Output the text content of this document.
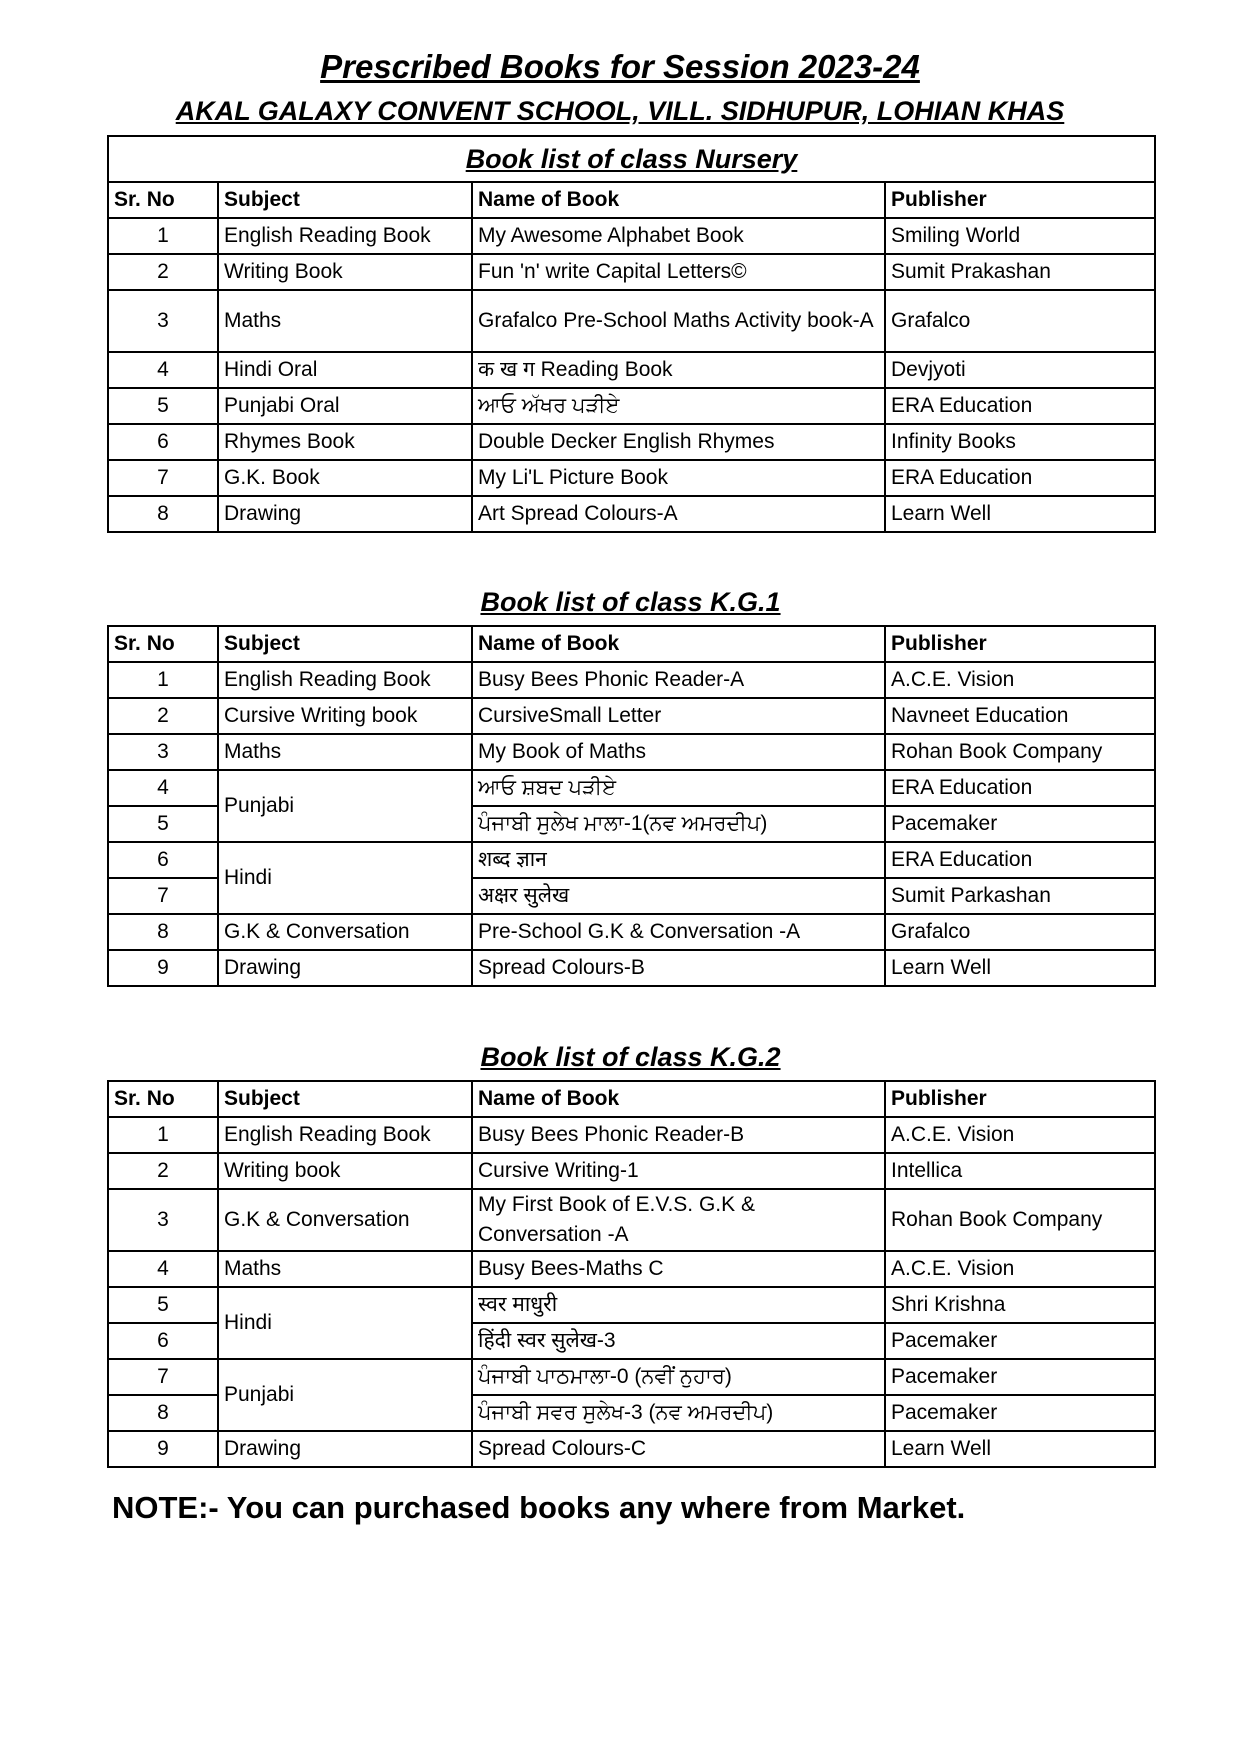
Prescribed Books for Session 2023-24
AKAL GALAXY CONVENT SCHOOL, VILL. SIDHUPUR, LOHIAN KHAS
Book list of class Nursery			
Sr. No	Subject	Name of Book	Publisher
1	English Reading Book	My Awesome Alphabet Book	Smiling World
2	Writing Book	Fun 'n' write Capital Letters©	Sumit Prakashan
3	Maths	Grafalco Pre-School Maths Activity book-A	Grafalco
4	Hindi Oral	क ख ग Reading Book	Devjyoti
5	Punjabi Oral	ਆਓ ਅੱਖਰ ਪੜੀਏ	ERA Education
6	Rhymes Book	Double Decker English Rhymes	Infinity Books
7	G.K. Book	My Li'L Picture Book	ERA Education
8	Drawing	Art Spread Colours-A	Learn Well
Book list of class K.G.1
Sr. No	Subject	Name of Book	Publisher
1	English Reading Book	Busy Bees Phonic Reader-A	A.C.E. Vision
2	Cursive Writing book	CursiveSmall Letter	Navneet Education
3	Maths	My Book of Maths	Rohan Book Company
4	Punjabi	ਆਓ ਸ਼ਬਦ ਪੜੀਏ	ERA Education
5		ਪੰਜਾਬੀ ਸੁਲੇਖ ਮਾਲਾ-1(ਨਵ ਅਮਰਦੀਪ)	Pacemaker
6	Hindi	शब्द ज्ञान	ERA Education
7		अक्षर सुलेख	Sumit Parkashan
8	G.K & Conversation	Pre-School G.K & Conversation -A	Grafalco
9	Drawing	Spread Colours-B	Learn Well
Book list of class K.G.2
Sr. No	Subject	Name of Book	Publisher
1	English Reading Book	Busy Bees Phonic Reader-B	A.C.E. Vision
2	Writing book	Cursive Writing-1	Intellica
3	G.K & Conversation	My First Book of E.V.S. G.K & Conversation -A	Rohan Book Company
4	Maths	Busy Bees-Maths C	A.C.E. Vision
5	Hindi	स्वर माधुरी	Shri Krishna
6		हिंदी स्वर सुलेख-3	Pacemaker
7	Punjabi	ਪੰਜਾਬੀ ਪਾਠਮਾਲਾ-0 (ਨਵੀਂ ਨੁਹਾਰ)	Pacemaker
8		ਪੰਜਾਬੀ ਸਵਰ ਸੁਲੇਖ-3 (ਨਵ ਅਮਰਦੀਪ)	Pacemaker
9	Drawing	Spread Colours-C	Learn Well
NOTE:- You can purchased books any where from Market.
